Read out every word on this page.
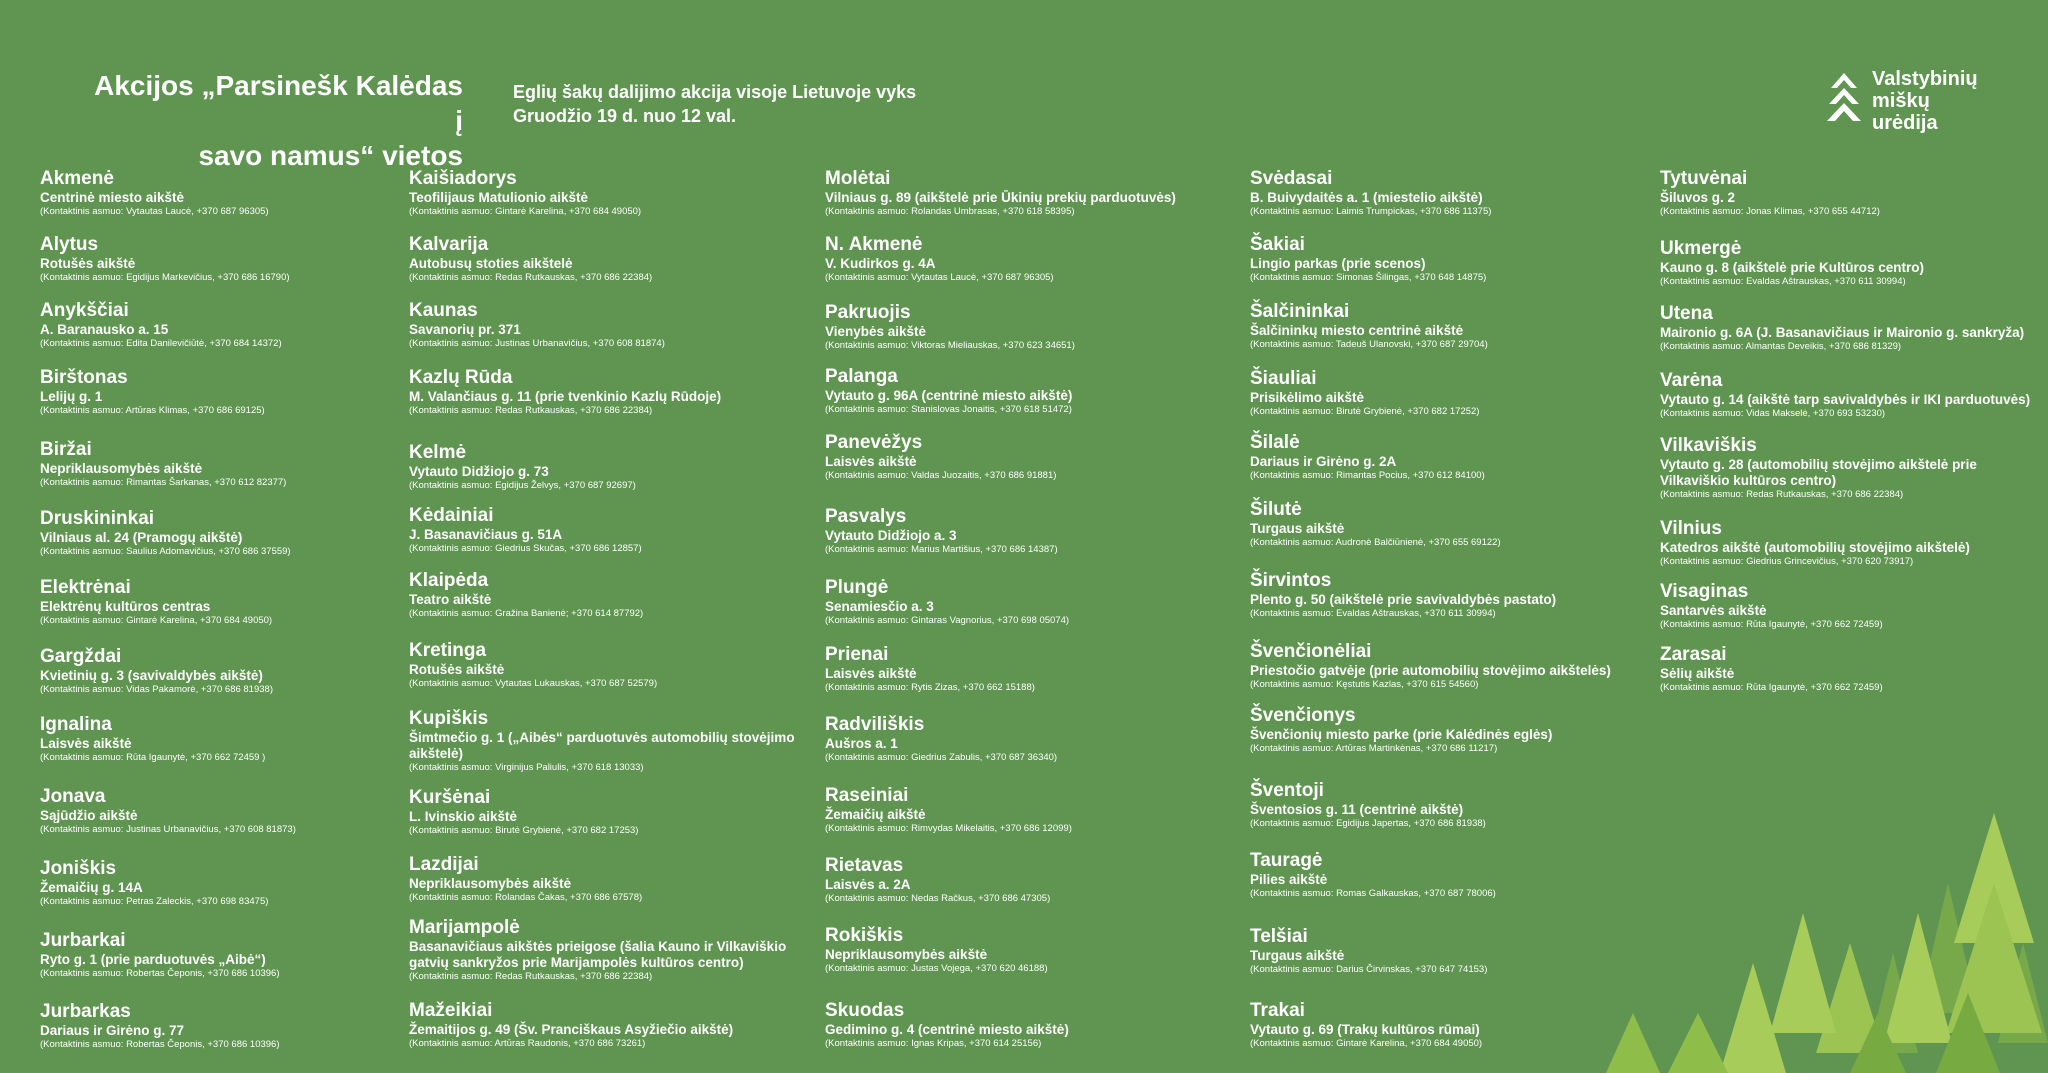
Akcijos „Parsinešk Kalėdas į
savo namus“ vietos
Eglių šakų dalijimo akcija visoje Lietuvoje vyks
Gruodžio 19 d. nuo 12 val.
Valstybinių
miškų
urėdija
Akmenė
Centrinė miesto aikštė
(Kontaktinis asmuo: Vytautas Laucė, +370 687 96305)
Alytus
Rotušės aikštė
(Kontaktinis asmuo: Egidijus Markevičius, +370 686 16790)
Anykščiai
A. Baranausko a. 15
(Kontaktinis asmuo: Edita Danilevičiūtė, +370 684 14372)
Birštonas
Lelijų g. 1
(Kontaktinis asmuo: Artūras Klimas, +370 686 69125)
Biržai
Nepriklausomybės aikštė
(Kontaktinis asmuo: Rimantas Šarkanas, +370 612 82377)
Druskininkai
Vilniaus al. 24 (Pramogų aikštė)
(Kontaktinis asmuo: Saulius Adomavičius, +370 686 37559)
Elektrėnai
Elektrėnų kultūros centras
(Kontaktinis asmuo: Gintarė Karelina, +370 684 49050)
Gargždai
Kvietinių g. 3 (savivaldybės aikštė)
(Kontaktinis asmuo: Vidas Pakamorė, +370 686 81938)
Ignalina
Laisvės aikštė
(Kontaktinis asmuo: Rūta Igaunytė, +370 662 72459 )
Jonava
Sąjūdžio aikštė
(Kontaktinis asmuo: Justinas Urbanavičius, +370 608 81873)
Joniškis
Žemaičių g. 14A
(Kontaktinis asmuo: Petras Zaleckis, +370 698 83475)
Jurbarkai
Ryto g. 1 (prie parduotuvės „Aibė“)
(Kontaktinis asmuo: Robertas Čeponis, +370 686 10396)
Jurbarkas
Dariaus ir Girėno g. 77
(Kontaktinis asmuo: Robertas Čeponis, +370 686 10396)
Kaišiadorys
Teofilijaus Matulionio aikštė
(Kontaktinis asmuo: Gintarė Karelina, +370 684 49050)
Kalvarija
Autobusų stoties aikštelė
(Kontaktinis asmuo: Redas Rutkauskas, +370 686 22384)
Kaunas
Savanorių pr. 371
(Kontaktinis asmuo: Justinas Urbanavičius, +370 608 81874)
Kazlų Rūda
M. Valančiaus g. 11 (prie tvenkinio Kazlų Rūdoje)
(Kontaktinis asmuo: Redas Rutkauskas, +370 686 22384)
Kelmė
Vytauto Didžiojo g. 73
(Kontaktinis asmuo: Egidijus Želvys, +370 687 92697)
Kėdainiai
J. Basanavičiaus g. 51A
(Kontaktinis asmuo: Giedrius Skučas, +370 686 12857)
Klaipėda
Teatro aikštė
(Kontaktinis asmuo: Gražina Banienė; +370 614 87792)
Kretinga
Rotušės aikštė
(Kontaktinis asmuo: Vytautas Lukauskas, +370 687 52579)
Kupiškis
Šimtmečio g. 1 („Aibės“ parduotuvės automobilių stovėjimo aikštelė)
(Kontaktinis asmuo: Virginijus Paliulis, +370 618 13033)
Kuršėnai
L. Ivinskio aikštė
(Kontaktinis asmuo: Birutė Grybienė, +370 682 17253)
Lazdijai
Nepriklausomybės aikštė
(Kontaktinis asmuo: Rolandas Čakas, +370 686 67578)
Marijampolė
Basanavičiaus aikštės prieigose (šalia Kauno ir Vilkaviškio gatvių sankryžos prie Marijampolės kultūros centro)
(Kontaktinis asmuo: Redas Rutkauskas, +370 686 22384)
Mažeikiai
Žemaitijos g. 49 (Šv. Pranciškaus Asyžiečio aikštė)
(Kontaktinis asmuo: Artūras Raudonis, +370 686 73261)
Molėtai
Vilniaus g. 89 (aikštelė prie Ūkinių prekių parduotuvės)
(Kontaktinis asmuo: Rolandas Umbrasas, +370 618 58395)
N. Akmenė
V. Kudirkos g. 4A
(Kontaktinis asmuo: Vytautas Laucė, +370 687 96305)
Pakruojis
Vienybės aikštė
(Kontaktinis asmuo: Viktoras Mieliauskas, +370 623 34651)
Palanga
Vytauto g. 96A (centrinė miesto aikštė)
(Kontaktinis asmuo: Stanislovas Jonaitis, +370 618 51472)
Panevėžys
Laisvės aikštė
(Kontaktinis asmuo: Valdas Juozaitis, +370 686 91881)
Pasvalys
Vytauto Didžiojo a. 3
(Kontaktinis asmuo: Marius Martišius, +370 686 14387)
Plungė
Senamiesčio a. 3
(Kontaktinis asmuo: Gintaras Vagnorius, +370 698 05074)
Prienai
Laisvės aikštė
(Kontaktinis asmuo: Rytis Zizas, +370 662 15188)
Radviliškis
Aušros a. 1
(Kontaktinis asmuo: Giedrius Zabulis, +370 687 36340)
Raseiniai
Žemaičių aikštė
(Kontaktinis asmuo: Rimvydas Mikelaitis, +370 686 12099)
Rietavas
Laisvės a. 2A
(Kontaktinis asmuo: Nedas Račkus, +370 686 47305)
Rokiškis
Nepriklausomybės aikštė
(Kontaktinis asmuo: Justas Vojega, +370 620 46188)
Skuodas
Gedimino g. 4 (centrinė miesto aikštė)
(Kontaktinis asmuo: Ignas Kripas, +370 614 25156)
Svėdasai
B. Buivydaitės a. 1 (miestelio aikštė)
(Kontaktinis asmuo: Laimis Trumpickas, +370 686 11375)
Šakiai
Lingio parkas (prie scenos)
(Kontaktinis asmuo: Simonas Šilingas, +370 648 14875)
Šalčininkai
Šalčininkų miesto centrinė aikštė
(Kontaktinis asmuo: Tadeuš Ulanovski, +370 687 29704)
Šiauliai
Prisikėlimo aikštė
(Kontaktinis asmuo: Birutė Grybienė, +370 682 17252)
Šilalė
Dariaus ir Girėno g. 2A
(Kontaktinis asmuo: Rimantas Pocius, +370 612 84100)
Šilutė
Turgaus aikštė
(Kontaktinis asmuo: Audronė Balčiūnienė, +370 655 69122)
Širvintos
Plento g. 50 (aikštelė prie savivaldybės pastato)
(Kontaktinis asmuo: Evaldas Aštrauskas, +370 611 30994)
Švenčionėliai
Priestočio gatvėje (prie automobilių stovėjimo aikštelės)
(Kontaktinis asmuo: Kęstutis Kazlas, +370 615 54560)
Švenčionys
Švenčionių miesto parke (prie Kalėdinės eglės)
(Kontaktinis asmuo: Artūras Martinkėnas, +370 686 11217)
Šventoji
Šventosios g. 11 (centrinė aikštė)
(Kontaktinis asmuo: Egidijus Japertas, +370 686 81938)
Tauragė
Pilies aikštė
(Kontaktinis asmuo: Romas Galkauskas, +370 687 78006)
Telšiai
Turgaus aikštė
(Kontaktinis asmuo: Darius Čirvinskas, +370 647 74153)
Trakai
Vytauto g. 69 (Trakų kultūros rūmai)
(Kontaktinis asmuo: Gintarė Karelina, +370 684 49050)
Tytuvėnai
Šiluvos g. 2
(Kontaktinis asmuo: Jonas Klimas, +370 655 44712)
Ukmergė
Kauno g. 8 (aikštelė prie Kultūros centro)
(Kontaktinis asmuo: Evaldas Aštrauskas, +370 611 30994)
Utena
Maironio g. 6A (J. Basanavičiaus ir Maironio g. sankryža)
(Kontaktinis asmuo: Almantas Deveikis, +370 686 81329)
Varėna
Vytauto g. 14 (aikštė tarp savivaldybės ir IKI parduotuvės)
(Kontaktinis asmuo: Vidas Makselė, +370 693 53230)
Vilkaviškis
Vytauto g. 28 (automobilių stovėjimo aikštelė prie Vilkaviškio kultūros centro)
(Kontaktinis asmuo: Redas Rutkauskas, +370 686 22384)
Vilnius
Katedros aikštė (automobilių stovėjimo aikštelė)
(Kontaktinis asmuo: Giedrius Grincevičius, +370 620 73917)
Visaginas
Santarvės aikštė
(Kontaktinis asmuo: Rūta Igaunytė, +370 662 72459)
Zarasai
Sėlių aikštė
(Kontaktinis asmuo: Rūta Igaunytė, +370 662 72459)
